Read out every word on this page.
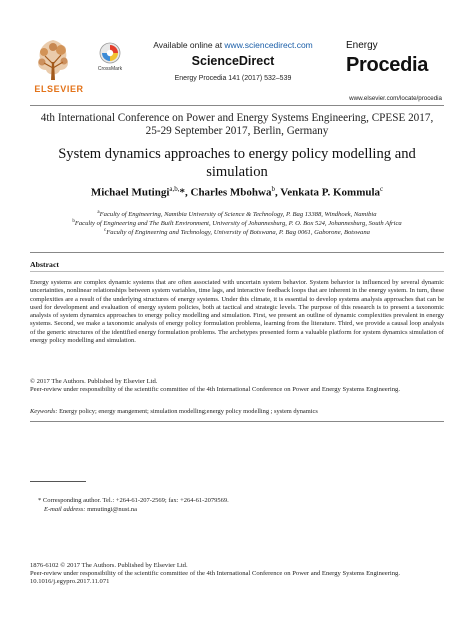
ELSEVIER
CrossMark
Available online at www.sciencedirect.com
ScienceDirect
Energy Procedia 141 (2017) 532–539
Energy
Procedia
www.elsevier.com/locate/procedia
4th International Conference on Power and Energy Systems Engineering, CPESE 2017, 25-29 September 2017, Berlin, Germany
System dynamics approaches to energy policy modelling and simulation
Michael Mutingi$^{a,b,}$*, Charles Mbohwa$^b$, Venkata P. Kommula$^c$
$^a$Faculty of Engineering, Namibia University of Science & Technology, P. Bag 13388, Windhoek, Namibia
$^b$Faculty of Engineering and The Built Environment, University of Johannesburg, P. O. Box 524, Johannesburg, South Africa
$^c$Faculty of Engineering and Technology, University of Botswana, P. Bag 0061, Gaborone, Botswana
Abstract
Energy systems are complex dynamic systems that are often associated with uncertain system behavior. System behavior is influenced by several dynamic uncertainties, nonlinear relationships between system variables, time lags, and interactive feedback loops that are inherent in the energy system. In turn, these complexities are a result of the underlying structures of energy systems. Under this climate, it is essential to develop systems analysis approaches that can be used for development and evaluation of energy system policies, both at tactical and strategic levels. The purpose of this research is to present a taxonomic analysis of system dynamics approaches to energy policy modelling and simulation. First, we present an outline of dynamic complexities prevalent in energy systems. Second, we make a taxonomic analysis of energy policy formulation problems, learning from the literature. Third, we provide a causal loop analysis of the generic structures of the identified energy formulation problems. The archetypes presented form a valuable platform for system dynamics simulation of energy policy modelling and simulation.
© 2017 The Authors. Published by Elsevier Ltd.
Peer-review under responsibility of the scientific committee of the 4th International Conference on Power and Energy Systems Engineering.
Keywords: Energy policy; energy mangement; simulation modelling;energy policy modelling ; system dynamics
* Corresponding author. Tel.: +264-61-207-2569; fax: +264-61-2079569.
E-mail address: mmutingi@nust.na
1876-6102 © 2017 The Authors. Published by Elsevier Ltd.
Peer-review under responsibility of the scientific committee of the 4th International Conference on Power and Energy Systems Engineering.
10.1016/j.egypro.2017.11.071
